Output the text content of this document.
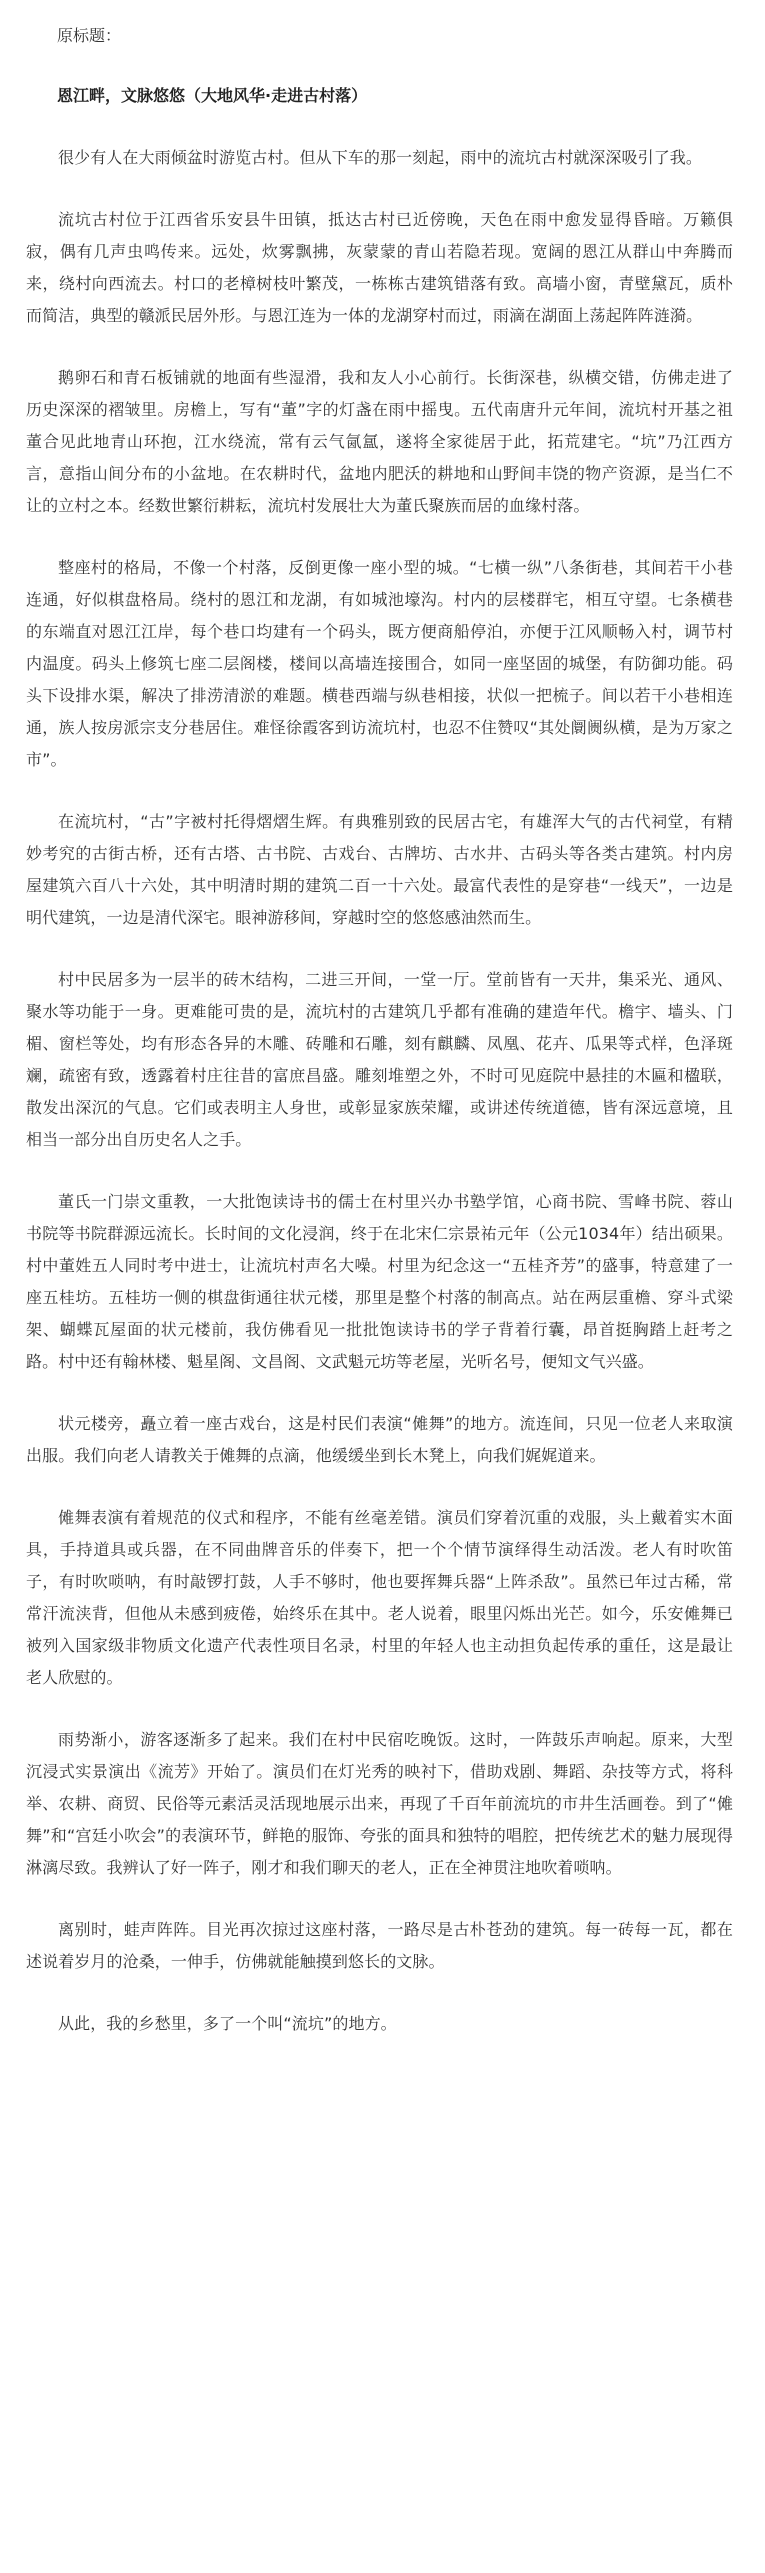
原标题：

恩江畔，文脉悠悠（大地风华·走进古村落）

很少有人在大雨倾盆时游览古村。但从下车的那一刻起，雨中的流坑古村就深深吸引了我。

流坑古村位于江西省乐安县牛田镇，抵达古村已近傍晚，天色在雨中愈发显得昏暗。万籁俱寂，偶有几声虫鸣传来。远处，炊雾飘拂，灰蒙蒙的青山若隐若现。宽阔的恩江从群山中奔腾而来，绕村向西流去。村口的老樟树枝叶繁茂，一栋栋古建筑错落有致。高墙小窗，青壁黛瓦，质朴而简洁，典型的赣派民居外形。与恩江连为一体的龙湖穿村而过，雨滴在湖面上荡起阵阵涟漪。

鹅卵石和青石板铺就的地面有些湿滑，我和友人小心前行。长街深巷，纵横交错，仿佛走进了历史深深的褶皱里。房檐上，写有“董”字的灯盏在雨中摇曳。五代南唐升元年间，流坑村开基之祖董合见此地青山环抱，江水绕流，常有云气氤氲，遂将全家徙居于此，拓荒建宅。“坑”乃江西方言，意指山间分布的小盆地。在农耕时代，盆地内肥沃的耕地和山野间丰饶的物产资源，是当仁不让的立村之本。经数世繁衍耕耘，流坑村发展壮大为董氏聚族而居的血缘村落。

整座村的格局，不像一个村落，反倒更像一座小型的城。“七横一纵”八条街巷，其间若干小巷连通，好似棋盘格局。绕村的恩江和龙湖，有如城池壕沟。村内的层楼群宅，相互守望。七条横巷的东端直对恩江江岸，每个巷口均建有一个码头，既方便商船停泊，亦便于江风顺畅入村，调节村内温度。码头上修筑七座二层阁楼，楼间以高墙连接围合，如同一座坚固的城堡，有防御功能。码头下设排水渠，解决了排涝清淤的难题。横巷西端与纵巷相接，状似一把梳子。间以若干小巷相连通，族人按房派宗支分巷居住。难怪徐霞客到访流坑村，也忍不住赞叹“其处阛阓纵横，是为万家之市”。

在流坑村，“古”字被村托得熠熠生辉。有典雅别致的民居古宅，有雄浑大气的古代祠堂，有精妙考究的古街古桥，还有古塔、古书院、古戏台、古牌坊、古水井、古码头等各类古建筑。村内房屋建筑六百八十六处，其中明清时期的建筑二百一十六处。最富代表性的是穿巷“一线天”，一边是明代建筑，一边是清代深宅。眼神游移间，穿越时空的悠悠感油然而生。

村中民居多为一层半的砖木结构，二进三开间，一堂一厅。堂前皆有一天井，集采光、通风、聚水等功能于一身。更难能可贵的是，流坑村的古建筑几乎都有准确的建造年代。檐宇、墙头、门楣、窗栏等处，均有形态各异的木雕、砖雕和石雕，刻有麒麟、凤凰、花卉、瓜果等式样，色泽斑斓，疏密有致，透露着村庄往昔的富庶昌盛。雕刻堆塑之外，不时可见庭院中悬挂的木匾和楹联，散发出深沉的气息。它们或表明主人身世，或彰显家族荣耀，或讲述传统道德，皆有深远意境，且相当一部分出自历史名人之手。

董氏一门崇文重教，一大批饱读诗书的儒士在村里兴办书塾学馆，心商书院、雪峰书院、蓉山书院等书院群源远流长。长时间的文化浸润，终于在北宋仁宗景祐元年（公元1034年）结出硕果。村中董姓五人同时考中进士，让流坑村声名大噪。村里为纪念这一“五桂齐芳”的盛事，特意建了一座五桂坊。五桂坊一侧的棋盘街通往状元楼，那里是整个村落的制高点。站在两层重檐、穿斗式梁架、蝴蝶瓦屋面的状元楼前，我仿佛看见一批批饱读诗书的学子背着行囊，昂首挺胸踏上赶考之路。村中还有翰林楼、魁星阁、文昌阁、文武魁元坊等老屋，光听名号，便知文气兴盛。

状元楼旁，矗立着一座古戏台，这是村民们表演“傩舞”的地方。流连间，只见一位老人来取演出服。我们向老人请教关于傩舞的点滴，他缓缓坐到长木凳上，向我们娓娓道来。

傩舞表演有着规范的仪式和程序，不能有丝毫差错。演员们穿着沉重的戏服，头上戴着实木面具，手持道具或兵器，在不同曲牌音乐的伴奏下，把一个个情节演绎得生动活泼。老人有时吹笛子，有时吹唢呐，有时敲锣打鼓，人手不够时，他也要挥舞兵器“上阵杀敌”。虽然已年过古稀，常常汗流浃背，但他从未感到疲倦，始终乐在其中。老人说着，眼里闪烁出光芒。如今，乐安傩舞已被列入国家级非物质文化遗产代表性项目名录，村里的年轻人也主动担负起传承的重任，这是最让老人欣慰的。

雨势渐小，游客逐渐多了起来。我们在村中民宿吃晚饭。这时，一阵鼓乐声响起。原来，大型沉浸式实景演出《流芳》开始了。演员们在灯光秀的映衬下，借助戏剧、舞蹈、杂技等方式，将科举、农耕、商贸、民俗等元素活灵活现地展示出来，再现了千百年前流坑的市井生活画卷。到了“傩舞”和“宫廷小吹会”的表演环节，鲜艳的服饰、夸张的面具和独特的唱腔，把传统艺术的魅力展现得淋漓尽致。我辨认了好一阵子，刚才和我们聊天的老人，正在全神贯注地吹着唢呐。

离别时，蛙声阵阵。目光再次掠过这座村落，一路尽是古朴苍劲的建筑。每一砖每一瓦，都在述说着岁月的沧桑，一伸手，仿佛就能触摸到悠长的文脉。

从此，我的乡愁里，多了一个叫“流坑”的地方。
